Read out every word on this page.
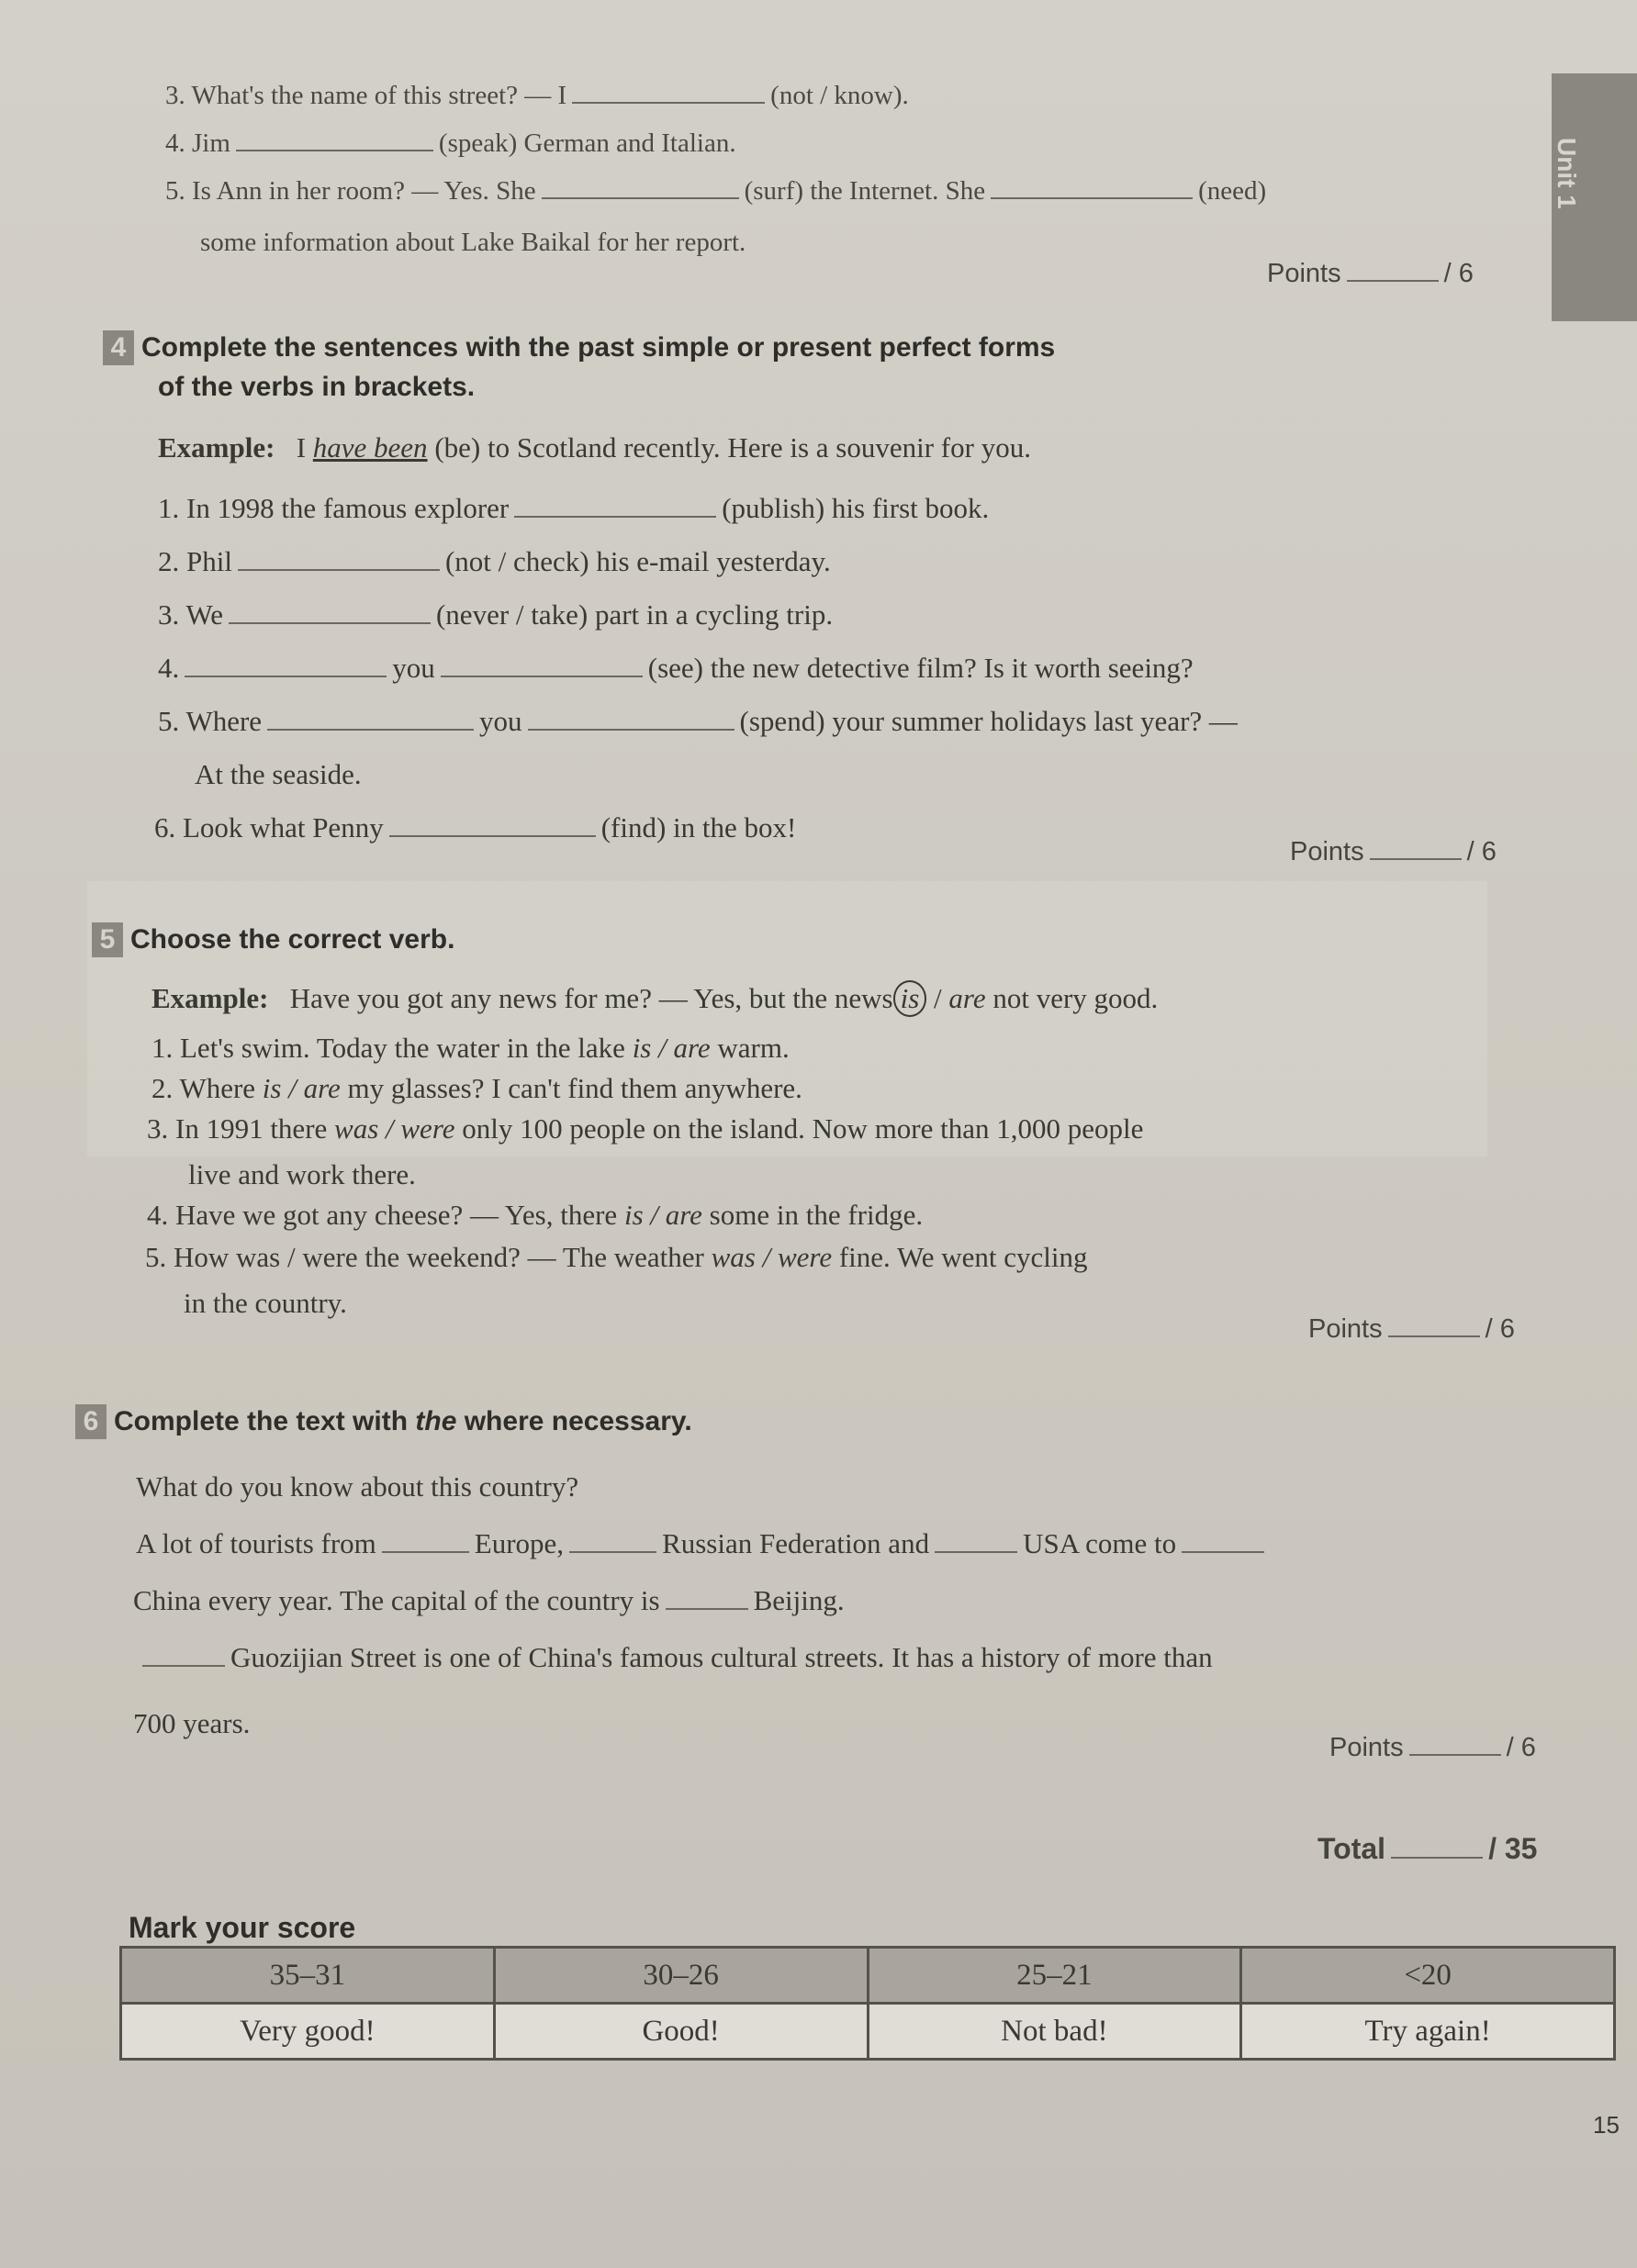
Unit 1
3. What's the name of this street? — I	(not / know).
4. Jim	(speak) German and Italian.
5. Is Ann in her room? — Yes. She	(surf) the Internet. She	(need)
some information about Lake Baikal for her report.
Points	/ 6
4 Complete the sentences with the past simple or present perfect forms
of the verbs in brackets.
Example: I have been (be) to Scotland recently. Here is a souvenir for you.
1. In 1998 the famous explorer	(publish) his first book.
2. Phil	(not / check) his e-mail yesterday.
3. We	(never / take) part in a cycling trip.
4.	you	(see) the new detective film? Is it worth seeing?
5. Where	you	(spend) your summer holidays last year? —
At the seaside.
6. Look what Penny	(find) in the box!
Points	/ 6
5 Choose the correct verb.
Example: Have you got any news for me? — Yes, but the news is / are not very good.
1. Let's swim. Today the water in the lake is / are warm.
2. Where is / are my glasses? I can't find them anywhere.
3. In 1991 there was / were only 100 people on the island. Now more than 1,000 people
live and work there.
4. Have we got any cheese? — Yes, there is / are some in the fridge.
5. How was / were the weekend? — The weather was / were fine. We went cycling
in the country.
Points	/ 6
6 Complete the text with the where necessary.
What do you know about this country?
A lot of tourists from	Europe,	Russian Federation and	USA come to
China every year. The capital of the country is	Beijing.
Guozijian Street is one of China's famous cultural streets. It has a history of more than
700 years.
Points	/ 6
Total	/ 35
Mark your score
35–31	30–26	25–21	<20
Very good!	Good!	Not bad!	Try again!
15
